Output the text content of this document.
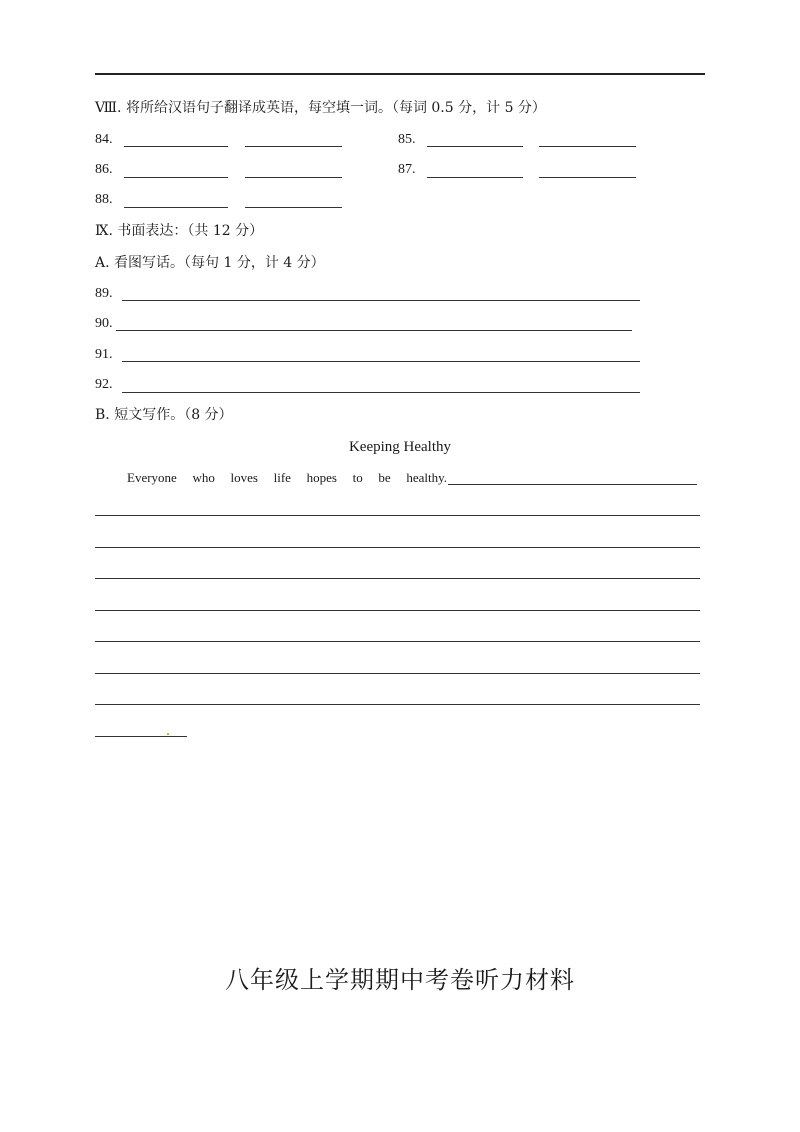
Ⅷ. 将所给汉语句子翻译成英语，每空填一词。（每词 0.5 分，计 5 分）
84.	85.
86.	87.
88.
Ⅸ. 书面表达：（共 12 分）
A. 看图写话。（每句 1 分，计 4 分）
89.
90.
91.
92.
B. 短文写作。（8 分）
Keeping Healthy
Everyone who loves life hopes to be healthy.
八年级上学期期中考卷听力材料
